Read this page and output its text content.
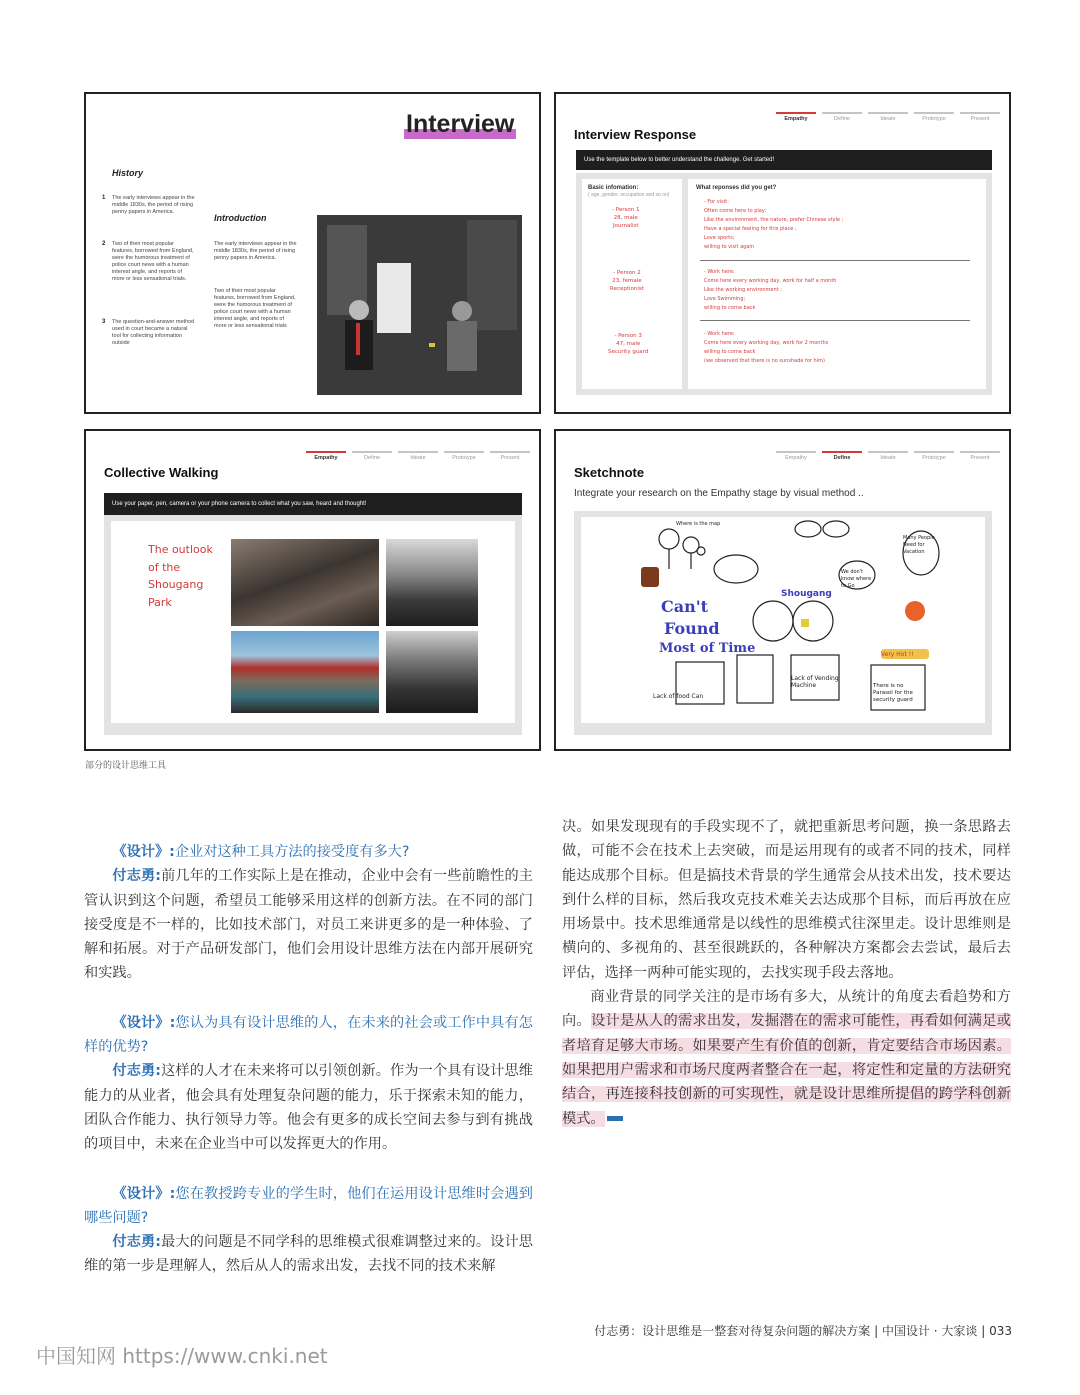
Interview
History
1 The early interviews appear in the middle 1830s, the period of rising penny papers in America.
2 Two of their most popular features, borrowed from England, were the humorous treatment of police court news with a human interest angle, and reports of more or less sensational trials.
3 The question-and-answer method used in court became a natural tool for collecting information outside
Introduction
The early interviews appear in the middle 1830s, the period of rising penny papers in America.
Two of their most popular features, borrowed from England, were the humorous treatment of police court news with a human interest angle, and reports of more or less sensational trials
Empathy	Define	Ideate	Prototype	Present
Interview Response
Use the template below to better understand the challenge. Get started!
Basic infomation:
( age, gender, occupation and so on)
- Person 1
28, male
Journalist
- Person 2
23, female
Receptionist
- Person 3
47, male
Security guard
What reponses did you get?
- For visit:
Often come here to play;
Like the environment, the nature, prefer Chinese style ;
Have a special feeling for this place ;
Love sports;
willing to visit again
- Work here:
Come here every working day, work for half a month
Like the working environment ;
Love Swimming;
willing to come back
- Work here:
Come here every working day, work for 2 months
willing to come back
(we observed that there is no sunshade for him)
Empathy	Define	Ideate	Prototype	Present
Collective Walking
Use your paper, pen, camera or your phone camera to collect what you saw, heard and thought!
The outlook
of the
Shougang
Park
Empathy	Define	Ideate	Prototype	Present
Sketchnote
Integrate your research on the Empathy stage by visual method ..
Where is the map
Many People Need for Vacation
We don't know where to Go
Can't
Found
Most of Time
Lack of food Can
Lack of Vending Machine
Very Hot !!
There is no Parasol for the security guard
Shougang
部分的设计思维工具

《设计》:企业对这种工具方法的接受度有多大?

付志勇:前几年的工作实际上是在推动，企业中会有一些前瞻性的主管认识到这个问题，希望员工能够采用这样的创新方法。在不同的部门接受度是不一样的，比如技术部门，对员工来讲更多的是一种体验、了解和拓展。对于产品研发部门，他们会用设计思维方法在内部开展研究和实践。

《设计》:您认为具有设计思维的人，在未来的社会或工作中具有怎样的优势?

付志勇:这样的人才在未来将可以引领创新。作为一个具有设计思维能力的从业者，他会具有处理复杂问题的能力，乐于探索未知的能力，团队合作能力、执行领导力等。他会有更多的成长空间去参与到有挑战的项目中，未来在企业当中可以发挥更大的作用。

《设计》:您在教授跨专业的学生时，他们在运用设计思维时会遇到哪些问题?

付志勇:最大的问题是不同学科的思维模式很难调整过来的。设计思维的第一步是理解人，然后从人的需求出发，去找不同的技术来解

决。如果发现现有的手段实现不了，就把重新思考问题，换一条思路去做，可能不会在技术上去突破，而是运用现有的或者不同的技术，同样能达成那个目标。但是搞技术背景的学生通常会从技术出发，技术要达到什么样的目标，然后我攻克技术难关去达成那个目标，而后再放在应用场景中。技术思维通常是以线性的思维模式往深里走。设计思维则是横向的、多视角的、甚至很跳跃的，各种解决方案都会去尝试，最后去评估，选择一两种可能实现的，去找实现手段去落地。

商业背景的同学关注的是市场有多大，从统计的角度去看趋势和方向。设计是从人的需求出发，发掘潜在的需求可能性，再看如何满足或者培育足够大市场。如果要产生有价值的创新，肯定要结合市场因素。如果把用户需求和市场尺度两者整合在一起，将定性和定量的方法研究结合，再连接科技创新的可实现性，就是设计思维所提倡的跨学科创新模式。

付志勇：设计思维是一整套对待复杂问题的解决方案 | 中国设计 · 大家谈 | 033
中国知网 https://www.cnki.net
